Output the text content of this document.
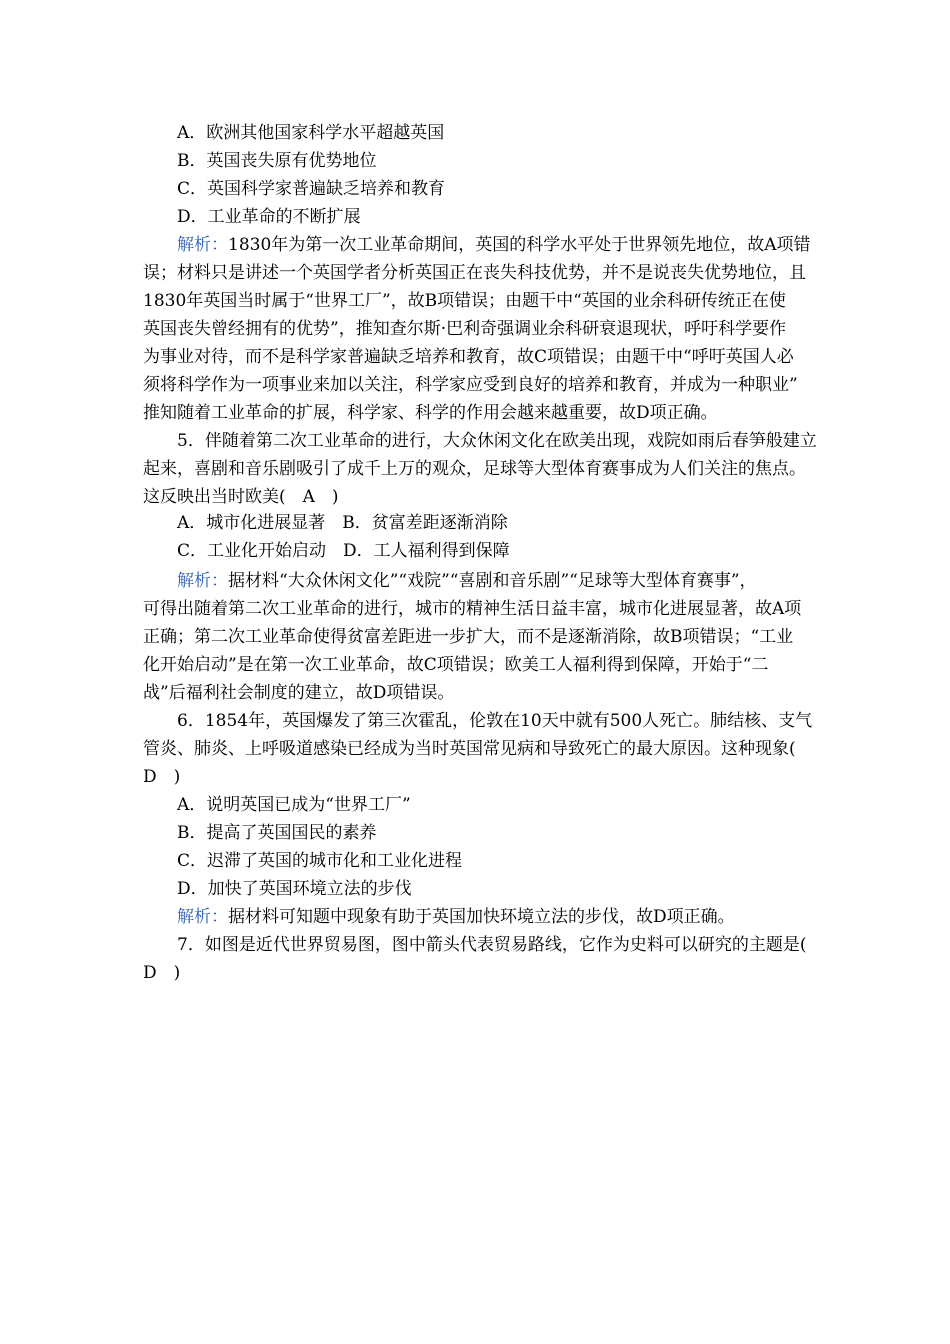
A．欧洲其他国家科学水平超越英国
B．英国丧失原有优势地位
C．英国科学家普遍缺乏培养和教育
D．工业革命的不断扩展
解析：1830年为第一次工业革命期间，英国的科学水平处于世界领先地位，故A项错
误；材料只是讲述一个英国学者分析英国正在丧失科技优势，并不是说丧失优势地位，且
1830年英国当时属于“世界工厂”，故B项错误；由题干中“英国的业余科研传统正在使
英国丧失曾经拥有的优势”，推知查尔斯·巴利奇强调业余科研衰退现状，呼吁科学要作
为事业对待，而不是科学家普遍缺乏培养和教育，故C项错误；由题干中“呼吁英国人必
须将科学作为一项事业来加以关注，科学家应受到良好的培养和教育，并成为一种职业”
推知随着工业革命的扩展，科学家、科学的作用会越来越重要，故D项正确。
5．伴随着第二次工业革命的进行，大众休闲文化在欧美出现，戏院如雨后春笋般建立
起来，喜剧和音乐剧吸引了成千上万的观众，足球等大型体育赛事成为人们关注的焦点。
这反映出当时欧美(　A　)
A．城市化进展显著　B．贫富差距逐渐消除
C．工业化开始启动　D．工人福利得到保障
解析：据材料“大众休闲文化”“戏院”“喜剧和音乐剧”“足球等大型体育赛事”，
可得出随着第二次工业革命的进行，城市的精神生活日益丰富，城市化进展显著，故A项
正确；第二次工业革命使得贫富差距进一步扩大，而不是逐渐消除，故B项错误；“工业
化开始启动”是在第一次工业革命，故C项错误；欧美工人福利得到保障，开始于“二
战”后福利社会制度的建立，故D项错误。
6．1854年，英国爆发了第三次霍乱，伦敦在10天中就有500人死亡。肺结核、支气
管炎、肺炎、上呼吸道感染已经成为当时英国常见病和导致死亡的最大原因。这种现象(
D　)
A．说明英国已成为“世界工厂”
B．提高了英国国民的素养
C．迟滞了英国的城市化和工业化进程
D．加快了英国环境立法的步伐
解析：据材料可知题中现象有助于英国加快环境立法的步伐，故D项正确。
7．如图是近代世界贸易图，图中箭头代表贸易路线，它作为史料可以研究的主题是(
D　)
